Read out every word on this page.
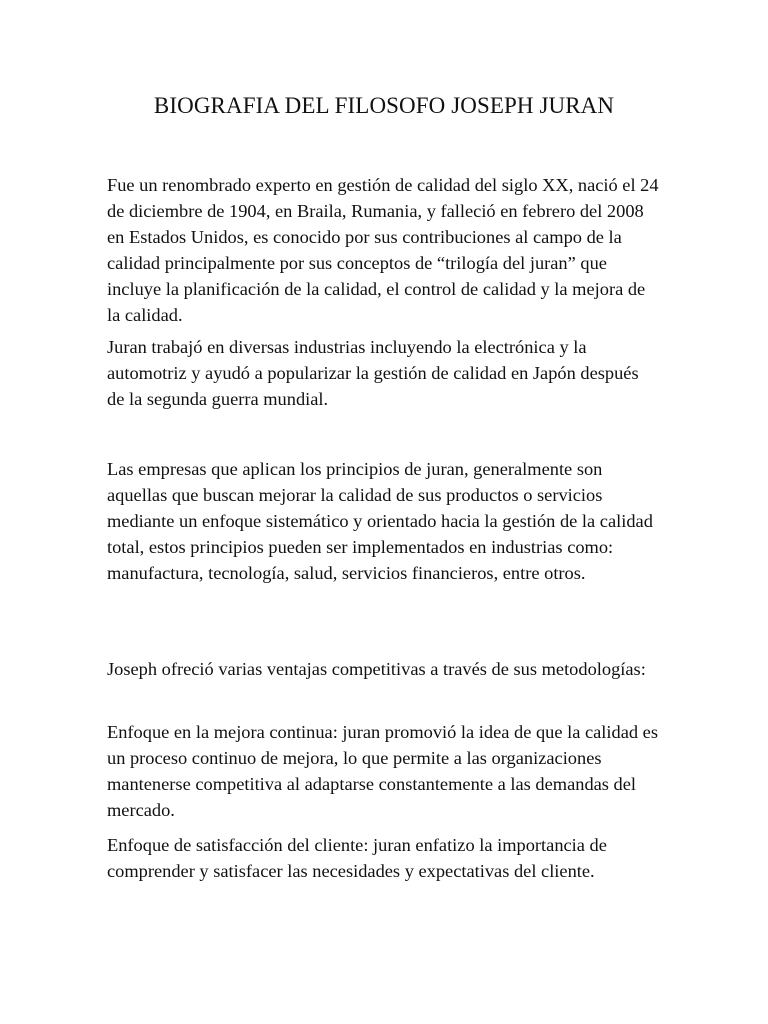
BIOGRAFIA DEL FILOSOFO JOSEPH JURAN

Fue un renombrado experto en gestión de calidad del siglo XX, nació el 24 de diciembre de 1904, en Braila, Rumania, y falleció en febrero del 2008 en Estados Unidos, es conocido por sus contribuciones al campo de la calidad principalmente por sus conceptos de “trilogía del juran” que incluye la planificación de la calidad, el control de calidad y la mejora de la calidad.

Juran trabajó en diversas industrias incluyendo la electrónica y la automotriz y ayudó a popularizar la gestión de calidad en Japón después de la segunda guerra mundial.

Las empresas que aplican los principios de juran, generalmente son aquellas que buscan mejorar la calidad de sus productos o servicios mediante un enfoque sistemático y orientado hacia la gestión de la calidad total, estos principios pueden ser implementados en industrias como: manufactura, tecnología, salud, servicios financieros, entre otros.

Joseph ofreció varias ventajas competitivas a través de sus metodologías:

Enfoque en la mejora continua: juran promovió la idea de que la calidad es un proceso continuo de mejora, lo que permite a las organizaciones mantenerse competitiva al adaptarse constantemente a las demandas del mercado.

Enfoque de satisfacción del cliente: juran enfatizo la importancia de comprender y satisfacer las necesidades y expectativas del cliente.
